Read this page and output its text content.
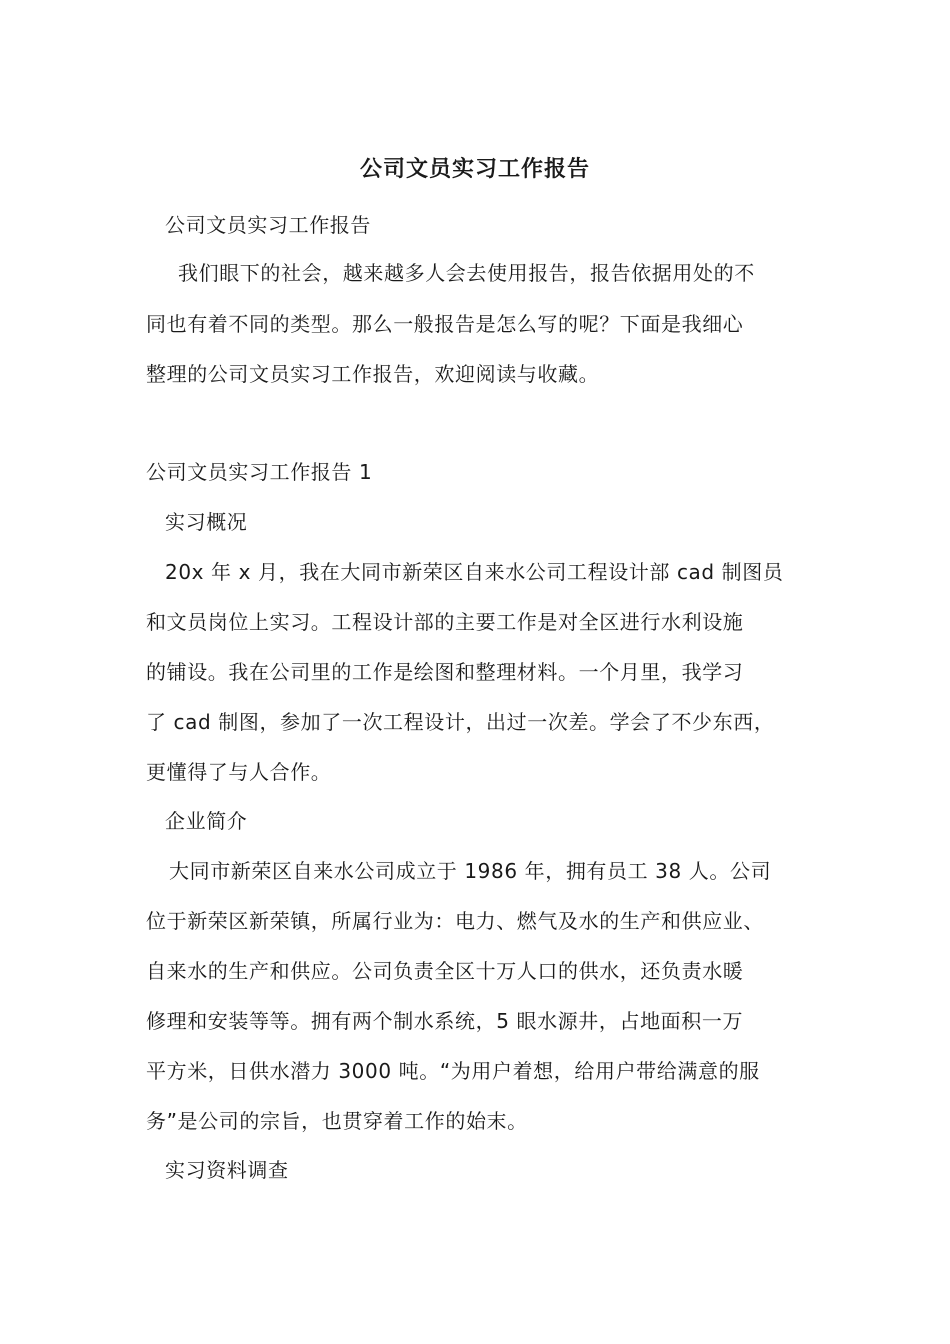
公司文员实习工作报告
公司文员实习工作报告
我们眼下的社会，越来越多人会去使用报告，报告依据用处的不
同也有着不同的类型。那么一般报告是怎么写的呢？下面是我细心
整理的公司文员实习工作报告，欢迎阅读与收藏。
公司文员实习工作报告 1
实习概况
20x 年 x 月，我在大同市新荣区自来水公司工程设计部 cad 制图员
和文员岗位上实习。工程设计部的主要工作是对全区进行水利设施
的铺设。我在公司里的工作是绘图和整理材料。一个月里，我学习
了 cad 制图，参加了一次工程设计，出过一次差。学会了不少东西，
更懂得了与人合作。
企业简介
大同市新荣区自来水公司成立于 1986 年，拥有员工 38 人。公司
位于新荣区新荣镇，所属行业为：电力、燃气及水的生产和供应业、
自来水的生产和供应。公司负责全区十万人口的供水，还负责水暖
修理和安装等等。拥有两个制水系统，5 眼水源井，占地面积一万
平方米，日供水潜力 3000 吨。“为用户着想，给用户带给满意的服
务”是公司的宗旨，也贯穿着工作的始末。
实习资料调查
